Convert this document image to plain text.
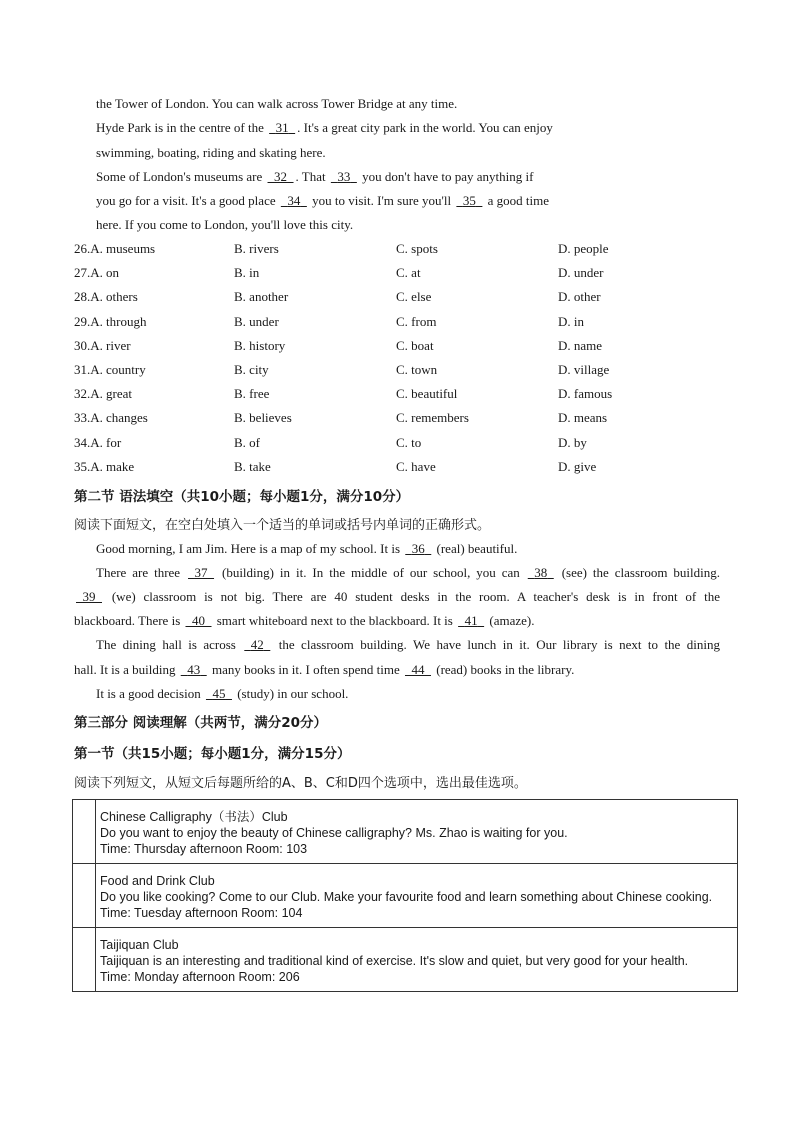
the Tower of London. You can walk across Tower Bridge at any time.
Hyde Park is in the centre of the   31 . It's a great city park in the world. You can enjoy
swimming, boating, riding and skating here.
Some of London's museums are   32 . That   33   you don't have to pay anything if
you go for a visit. It's a good place   34   you to visit. I'm sure you'll   35   a good time
here. If you come to London, you'll love this city.
26.A. museums	B. rivers	C. spots	D. people
27.A. on	B. in	C. at	D. under
28.A. others	B. another	C. else	D. other
29.A. through	B. under	C. from	D. in
30.A. river	B. history	C. boat	D. name
31.A. country	B. city	C. town	D. village
32.A. great	B. free	C. beautiful	D. famous
33.A. changes	B. believes	C. remembers	D. means
34.A. for	B. of	C. to	D. by
35.A. make	B. take	C. have	D. give
第二节 语法填空（共10小题；每小题1分，满分10分）
阅读下面短文，在空白处填入一个适当的单词或括号内单词的正确形式。
Good morning, I am Jim. Here is a map of my school. It is   36   (real) beautiful.
There are three   37   (building) in it. In the middle of our school, you can   38   (see) the classroom building.
39   (we) classroom is not big. There are 40 student desks in the room. A teacher's desk is in front of the
blackboard. There is   40   smart whiteboard next to the blackboard. It is   41   (amaze).
The dining hall is across   42   the classroom building. We have lunch in it. Our library is next to the dining
hall. It is a building   43   many books in it. I often spend time   44   (read) books in the library.
It is a good decision   45   (study) in our school.
第三部分 阅读理解（共两节，满分20分）
第一节（共15小题；每小题1分，满分15分）
阅读下列短文，从短文后每题所给的A、B、C和D四个选项中，选出最佳选项。

	Chinese Calligraphy（书法）Club
Do you want to enjoy the beauty of Chinese calligraphy? Ms. Zhao is waiting for you.
Time: Thursday afternoon Room: 103

	Food and Drink Club
Do you like cooking? Come to our Club. Make your favourite food and learn something about Chinese cooking.
Time: Tuesday afternoon Room: 104

	Taijiquan Club
Taijiquan is an interesting and traditional kind of exercise. It's slow and quiet, but very good for your health.
Time: Monday afternoon Room: 206
